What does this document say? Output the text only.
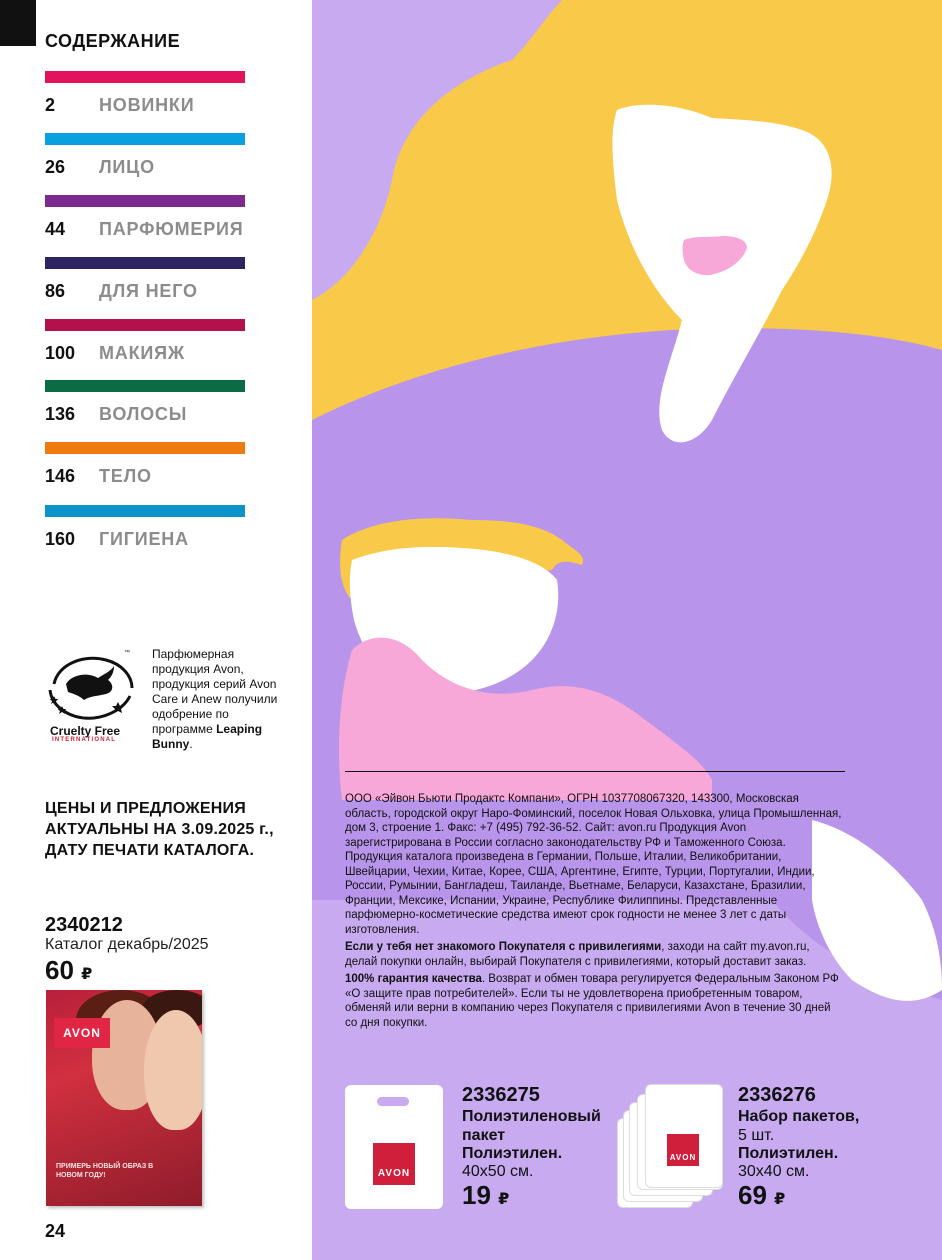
СОДЕРЖАНИЕ
2	НОВИНКИ
26	ЛИЦО
44	ПАРФЮМЕРИЯ
86	ДЛЯ НЕГО
100	МАКИЯЖ
136	ВОЛОСЫ
146	ТЕЛО
160	ГИГИЕНА
™
Cruelty Free
INTERNATIONAL
Парфюмерная продукция Avon, продукция серий Avon Care и Anew получили одобрение по программе Leaping Bunny.
ЦЕНЫ И ПРЕДЛОЖЕНИЯ АКТУАЛЬНЫ НА 3.09.2025 г., ДАТУ ПЕЧАТИ КАТАЛОГА.
2340212
Каталог декабрь/2025
60 ₽
AVON
ПРИМЕРЬ НОВЫЙ ОБРАЗ В НОВОМ ГОДУ!
24

ООО «Эйвон Бьюти Продактс Компани», ОГРН 1037708067320, 143300, Московская область, городской округ Наро-Фоминский, поселок Новая Ольховка, улица Промышленная, дом 3, строение 1. Факс: +7 (495) 792-36-52. Сайт: avon.ru Продукция Avon зарегистрирована в России согласно законодательству РФ и Таможенного Союза. Продукция каталога произведена в Германии, Польше, Италии, Великобритании, Швейцарии, Чехии, Китае, Корее, США, Аргентине, Египте, Турции, Португалии, Индии, России, Румынии, Бангладеш, Таиланде, Вьетнаме, Беларуси, Казахстане, Бразилии, Франции, Мексике, Испании, Украине, Республике Филиппины. Представленные парфюмерно-косметические средства имеют срок годности не менее 3 лет с даты изготовления.

Если у тебя нет знакомого Покупателя с привилегиями, заходи на сайт my.avon.ru, делай покупки онлайн, выбирай Покупателя с привилегиями, который доставит заказ.

100% гарантия качества. Возврат и обмен товара регулируется Федеральным Законом РФ «О защите прав потребителей». Если ты не удовлетворена приобретенным товаром, обменяй или верни в компанию через Покупателя с привилегиями Avon в течение 30 дней со дня покупки.

AVON
2336275
Полиэтиленовый пакет
Полиэтилен.
40х50 см.
19 ₽
AVON
2336276
Набор пакетов,
5 шт.
Полиэтилен.
30х40 см.
69 ₽
